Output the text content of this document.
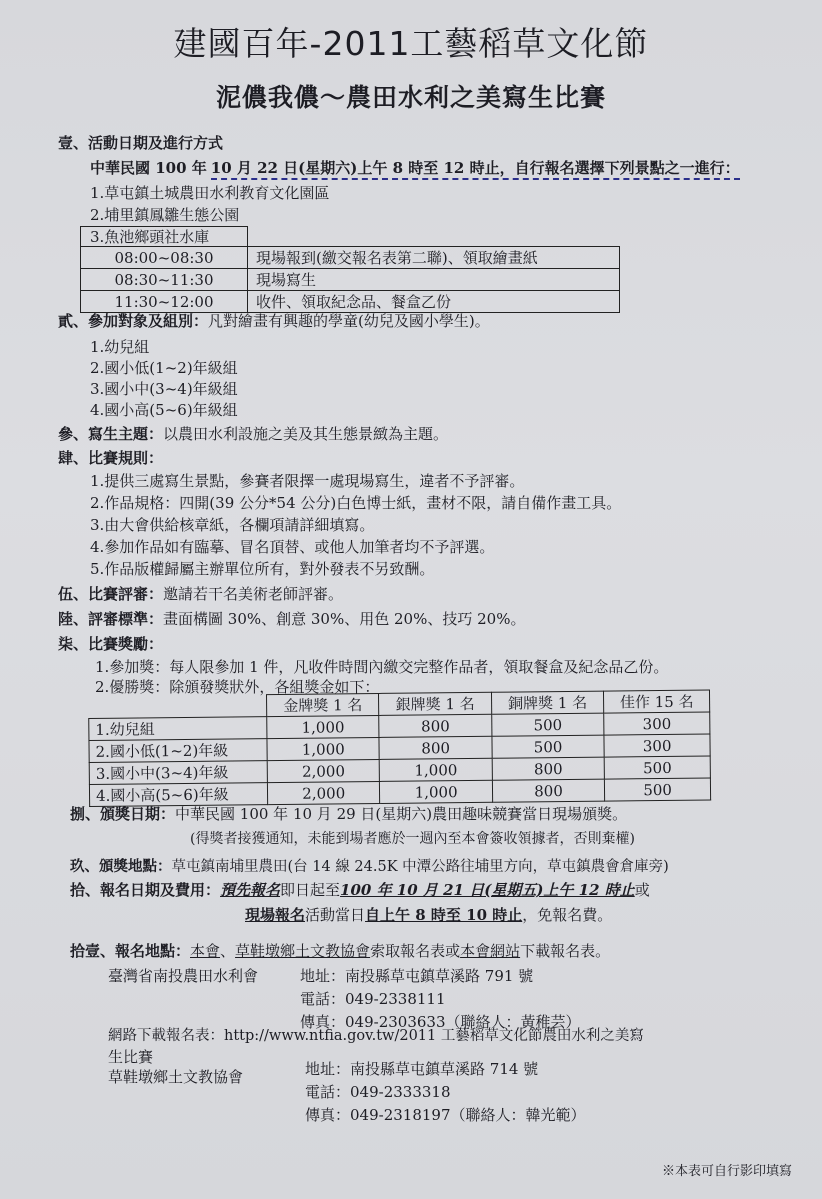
建國百年-2011工藝稻草文化節
泥儂我儂～農田水利之美寫生比賽
壹、活動日期及進行方式
中華民國 100 年 10 月 22 日(星期六)上午 8 時至 12 時止，自行報名選擇下列景點之一進行：
1.草屯鎮土城農田水利教育文化園區
2.埔里鎮鳳雛生態公園
3.魚池鄉頭社水庫
08:00~08:30	現場報到(繳交報名表第二聯)、領取繪畫紙
08:30~11:30	現場寫生
11:30~12:00	收件、領取紀念品、餐盒乙份
貳、參加對象及組別：凡對繪畫有興趣的學童(幼兒及國小學生)。
1.幼兒組
2.國小低(1~2)年級組
3.國小中(3~4)年級組
4.國小高(5~6)年級組
參、寫生主題：以農田水利設施之美及其生態景緻為主題。
肆、比賽規則：
1.提供三處寫生景點，參賽者限擇一處現場寫生，違者不予評審。
2.作品規格：四開(39 公分*54 公分)白色博士紙，畫材不限，請自備作畫工具。
3.由大會供給核章紙，各欄項請詳細填寫。
4.參加作品如有臨摹、冒名頂替、或他人加筆者均不予評選。
5.作品版權歸屬主辦單位所有，對外發表不另致酬。
伍、比賽評審：邀請若干名美術老師評審。
陸、評審標準：畫面構圖 30%、創意 30%、用色 20%、技巧 20%。
柒、比賽獎勵：
1.參加獎：每人限參加 1 件，凡收件時間內繳交完整作品者，領取餐盒及紀念品乙份。
2.優勝獎：除頒發獎狀外，各組獎金如下：
	金牌獎 1 名	銀牌獎 1 名	銅牌獎 1 名	佳作 15 名
1.幼兒組	1,000	800	500	300
2.國小低(1~2)年級	1,000	800	500	300
3.國小中(3~4)年級	2,000	1,000	800	500
4.國小高(5~6)年級	2,000	1,000	800	500
捌、頒獎日期：中華民國 100 年 10 月 29 日(星期六)農田趣味競賽當日現場頒獎。
(得獎者接獲通知，未能到場者應於一週內至本會簽收領據者，否則棄權)
玖、頒獎地點：草屯鎮南埔里農田(台 14 線 24.5K 中潭公路往埔里方向，草屯鎮農會倉庫旁)
拾、報名日期及費用：預先報名即日起至100 年 10 月 21 日(星期五)上午 12 時止或
現場報名活動當日自上午 8 時至 10 時止，免報名費。
拾壹、報名地點：本會、草鞋墩鄉土文教協會索取報名表或本會網站下載報名表。
臺灣省南投農田水利會	地址：南投縣草屯鎮草溪路 791 號
電話：049-2338111
傳真：049-2303633（聯絡人：黃稚芸）
網路下載報名表：http://www.ntfia.gov.tw/2011 工藝稻草文化節農田水利之美寫
生比賽
草鞋墩鄉土文教協會	地址：南投縣草屯鎮草溪路 714 號
電話：049-2333318
傳真：049-2318197（聯絡人：韓光範）
※本表可自行影印填寫
